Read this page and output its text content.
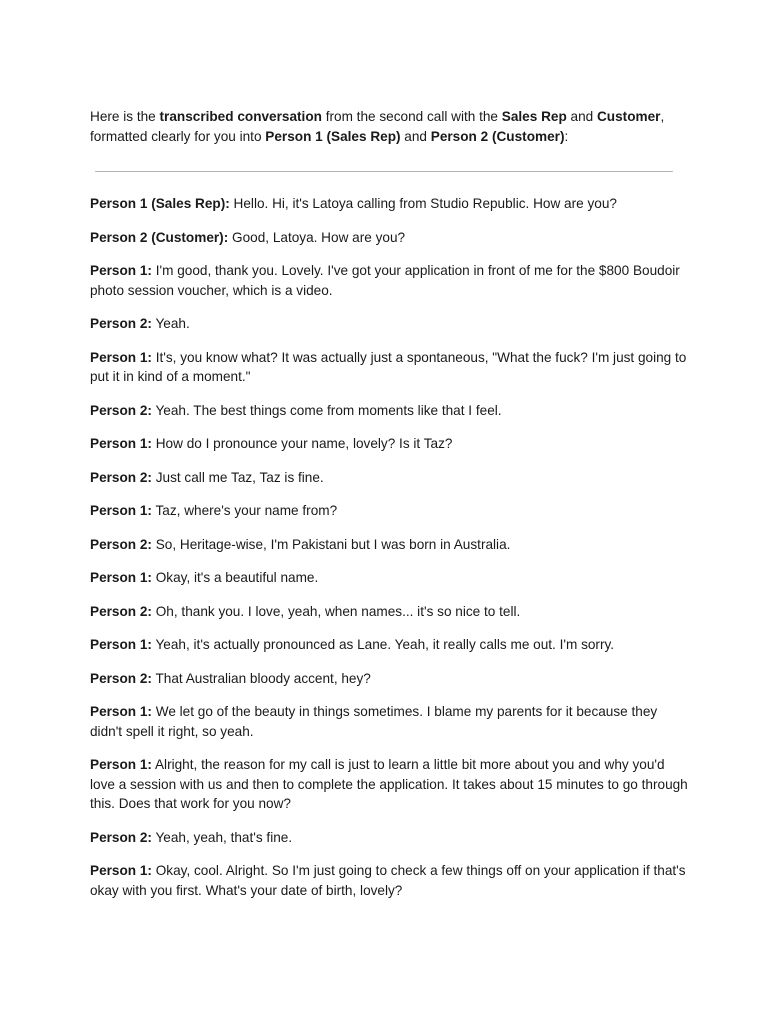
Here is the transcribed conversation from the second call with the Sales Rep and Customer, formatted clearly for you into Person 1 (Sales Rep) and Person 2 (Customer):

Person 1 (Sales Rep): Hello. Hi, it's Latoya calling from Studio Republic. How are you?

Person 2 (Customer): Good, Latoya. How are you?

Person 1: I'm good, thank you. Lovely. I've got your application in front of me for the $800 Boudoir photo session voucher, which is a video.

Person 2: Yeah.

Person 1: It's, you know what? It was actually just a spontaneous, "What the fuck? I'm just going to put it in kind of a moment."

Person 2: Yeah. The best things come from moments like that I feel.

Person 1: How do I pronounce your name, lovely? Is it Taz?

Person 2: Just call me Taz, Taz is fine.

Person 1: Taz, where's your name from?

Person 2: So, Heritage-wise, I'm Pakistani but I was born in Australia.

Person 1: Okay, it's a beautiful name.

Person 2: Oh, thank you. I love, yeah, when names... it's so nice to tell.

Person 1: Yeah, it's actually pronounced as Lane. Yeah, it really calls me out. I'm sorry.

Person 2: That Australian bloody accent, hey?

Person 1: We let go of the beauty in things sometimes. I blame my parents for it because they didn't spell it right, so yeah.

Person 1: Alright, the reason for my call is just to learn a little bit more about you and why you'd love a session with us and then to complete the application. It takes about 15 minutes to go through this. Does that work for you now?

Person 2: Yeah, yeah, that's fine.

Person 1: Okay, cool. Alright. So I'm just going to check a few things off on your application if that's okay with you first. What's your date of birth, lovely?
